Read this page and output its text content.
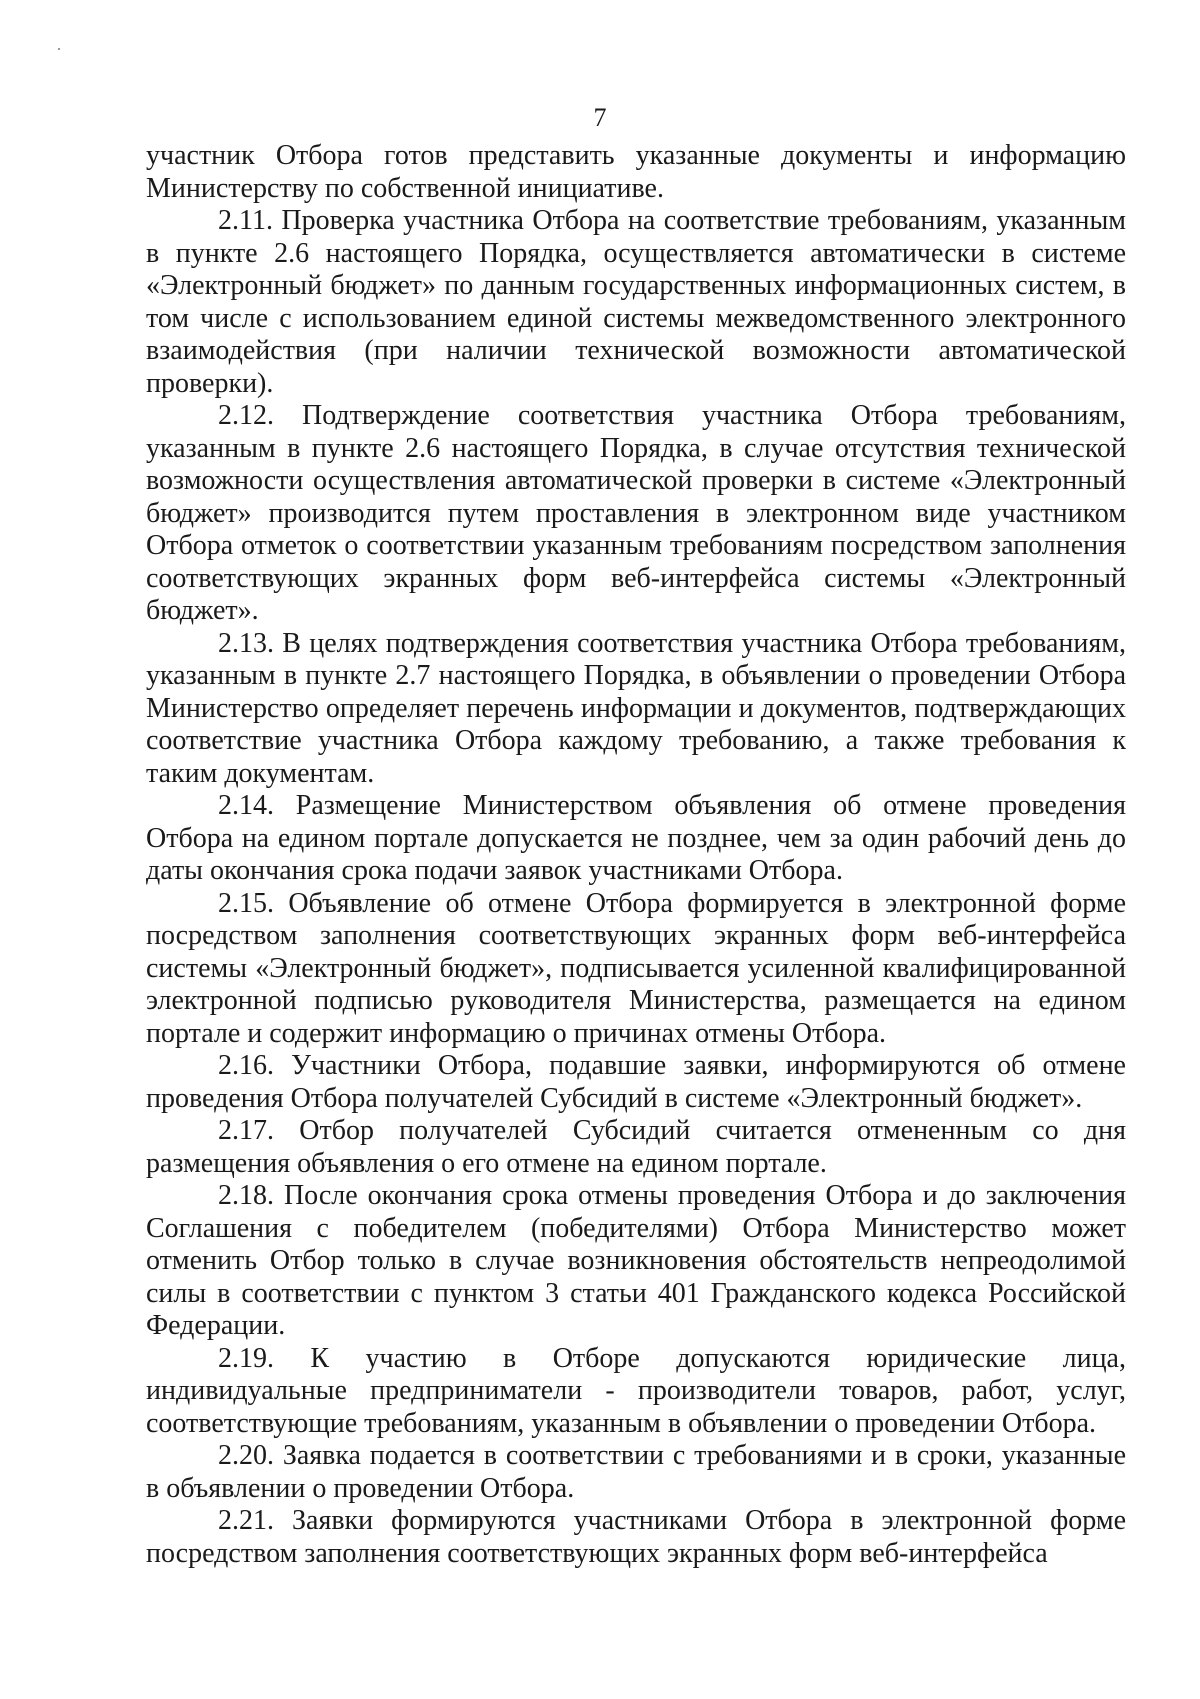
7

участник Отбора готов представить указанные документы и информацию Министерству по собственной инициативе.

2.11. Проверка участника Отбора на соответствие требованиям, указанным в пункте 2.6 настоящего Порядка, осуществляется автоматически в системе «Электронный бюджет» по данным государственных информационных систем, в том числе с использованием единой системы межведомственного электронного взаимодействия (при наличии технической возможности автоматической проверки).

2.12. Подтверждение соответствия участника Отбора требованиям, указанным в пункте 2.6 настоящего Порядка, в случае отсутствия технической возможности осуществления автоматической проверки в системе «Электронный бюджет» производится путем проставления в электронном виде участником Отбора отметок о соответствии указанным требованиям посредством заполнения соответствующих экранных форм веб-интерфейса системы «Электронный бюджет».

2.13. В целях подтверждения соответствия участника Отбора требованиям, указанным в пункте 2.7 настоящего Порядка, в объявлении о проведении Отбора Министерство определяет перечень информации и документов, подтверждающих соответствие участника Отбора каждому требованию, а также требования к таким документам.

2.14. Размещение Министерством объявления об отмене проведения Отбора на едином портале допускается не позднее, чем за один рабочий день до даты окончания срока подачи заявок участниками Отбора.

2.15. Объявление об отмене Отбора формируется в электронной форме посредством заполнения соответствующих экранных форм веб-интерфейса системы «Электронный бюджет», подписывается усиленной квалифицированной электронной подписью руководителя Министерства, размещается на едином портале и содержит информацию о причинах отмены Отбора.

2.16. Участники Отбора, подавшие заявки, информируются об отмене проведения Отбора получателей Субсидий в системе «Электронный бюджет».

2.17. Отбор получателей Субсидий считается отмененным со дня размещения объявления о его отмене на едином портале.

2.18. После окончания срока отмены проведения Отбора и до заключения Соглашения с победителем (победителями) Отбора Министерство может отменить Отбор только в случае возникновения обстоятельств непреодолимой силы в соответствии с пунктом 3 статьи 401 Гражданского кодекса Российской Федерации.

2.19. К участию в Отборе допускаются юридические лица, индивидуальные предприниматели - производители товаров, работ, услуг, соответствующие требованиям, указанным в объявлении о проведении Отбора.

2.20. Заявка подается в соответствии с требованиями и в сроки, указанные в объявлении о проведении Отбора.

2.21. Заявки формируются участниками Отбора в электронной форме посредством заполнения соответствующих экранных форм веб-интерфейса
